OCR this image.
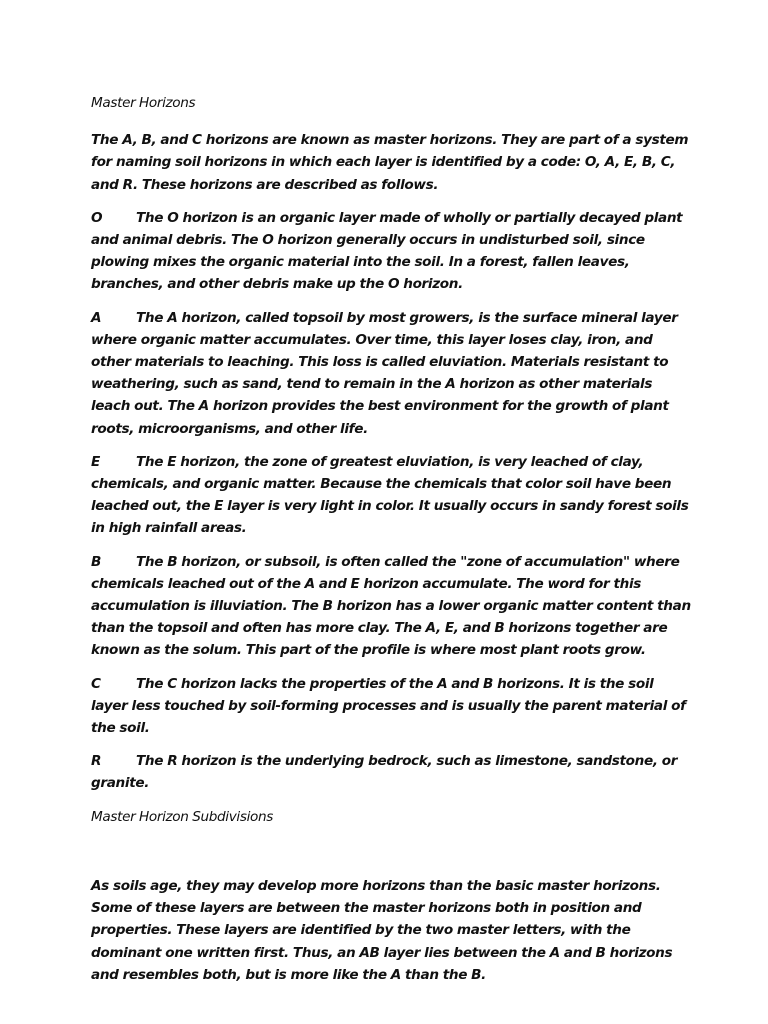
Master Horizons
The A, B, and C horizons are known as master horizons. They are part of a system for naming soil horizons in which each layer is identified by a code: O, A, E, B, C, and R. These horizons are described as follows.
O The O horizon is an organic layer made of wholly or partially decayed plant and animal debris. The O horizon generally occurs in undisturbed soil, since plowing mixes the organic material into the soil. In a forest, fallen leaves, branches, and other debris make up the O horizon.
A	The A horizon, called topsoil by most growers, is the surface mineral layer where organic matter accumulates. Over time, this layer loses clay, iron, and other materials to leaching. This loss is called eluviation. Materials resistant to weathering, such as sand, tend to remain in the A horizon as other materials leach out. The A horizon provides the best environment for the growth of plant roots, microorganisms, and other life.
E	The E horizon, the zone of greatest eluviation, is very leached of clay, chemicals, and organic matter. Because the chemicals that color soil have been leached out, the E layer is very light in color. It usually occurs in sandy forest soils in high rainfall areas.
B	The B horizon, or subsoil, is often called the "zone of accumulation" where chemicals leached out of the A and E horizon accumulate. The word for this accumulation is illuviation. The B horizon has a lower organic matter content than than the topsoil and often has more clay. The A, E, and B horizons together are known as the solum. This part of the profile is where most plant roots grow.
C	The C horizon lacks the properties of the A and B horizons. It is the soil layer less touched by soil-forming processes and is usually the parent material of the soil.
R	The R horizon is the underlying bedrock, such as limestone, sandstone, or granite.
Master Horizon Subdivisions
As soils age, they may develop more horizons than the basic master horizons. Some of these layers are between the master horizons both in position and properties. These layers are identified by the two master letters, with the dominant one written first. Thus, an AB layer lies between the A and B horizons and resembles both, but is more like the A than the B.
